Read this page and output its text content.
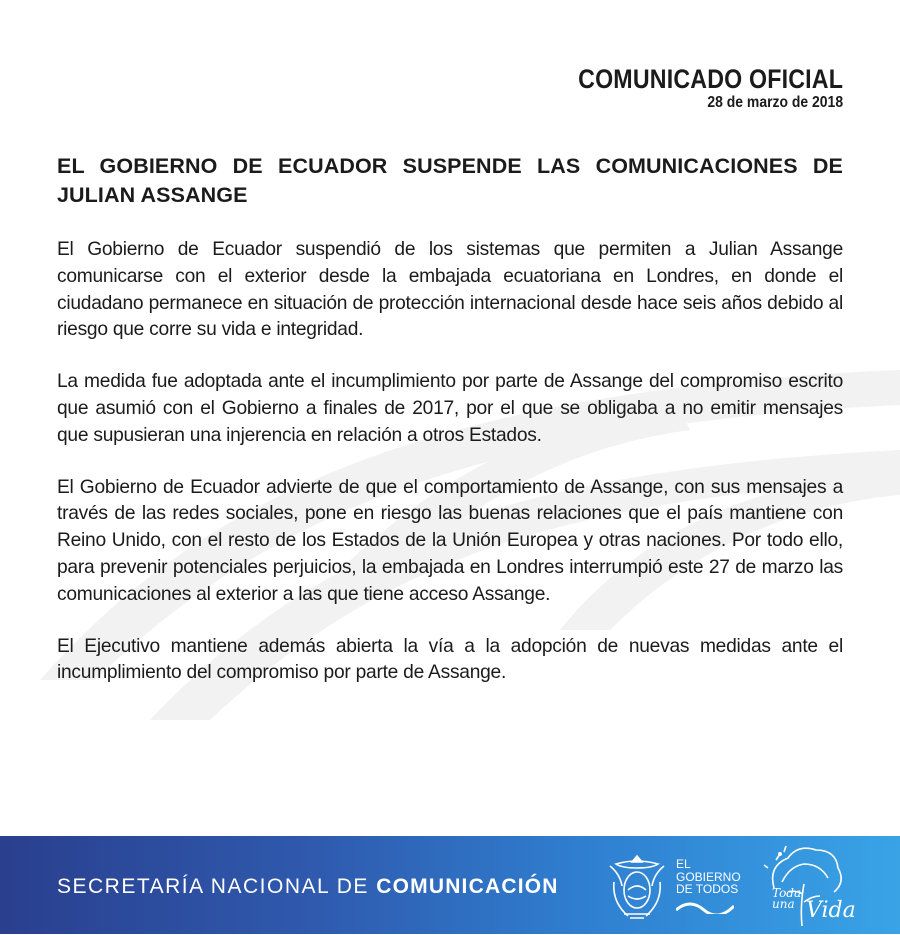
COMUNICADO OFICIAL
28 de marzo de 2018
EL GOBIERNO DE ECUADOR SUSPENDE LAS COMUNICACIONES DE JULIAN ASSANGE

El Gobierno de Ecuador suspendió de los sistemas que permiten a Julian Assange comunicarse con el exterior desde la embajada ecuatoriana en Londres, en donde el ciudadano permanece en situación de protección internacional desde hace seis años debido al riesgo que corre su vida e integridad.

La medida fue adoptada ante el incumplimiento por parte de Assange del compromiso escrito que asumió con el Gobierno a finales de 2017, por el que se obligaba a no emitir mensajes que supusieran una injerencia en relación a otros Estados.

El Gobierno de Ecuador advierte de que el comportamiento de Assange, con sus mensajes a través de las redes sociales, pone en riesgo las buenas relaciones que el país mantiene con Reino Unido, con el resto de los Estados de la Unión Europea y otras naciones. Por todo ello, para prevenir potenciales perjuicios, la embajada en Londres interrumpió este 27 de marzo las comunicaciones al exterior a las que tiene acceso Assange.

El Ejecutivo mantiene además abierta la vía a la adopción de nuevas medidas ante el incumplimiento del compromiso por parte de Assange.

SECRETARÍA NACIONAL DE COMUNICACIÓN
EL
GOBIERNO
DE TODOS	Toda
una Vida
